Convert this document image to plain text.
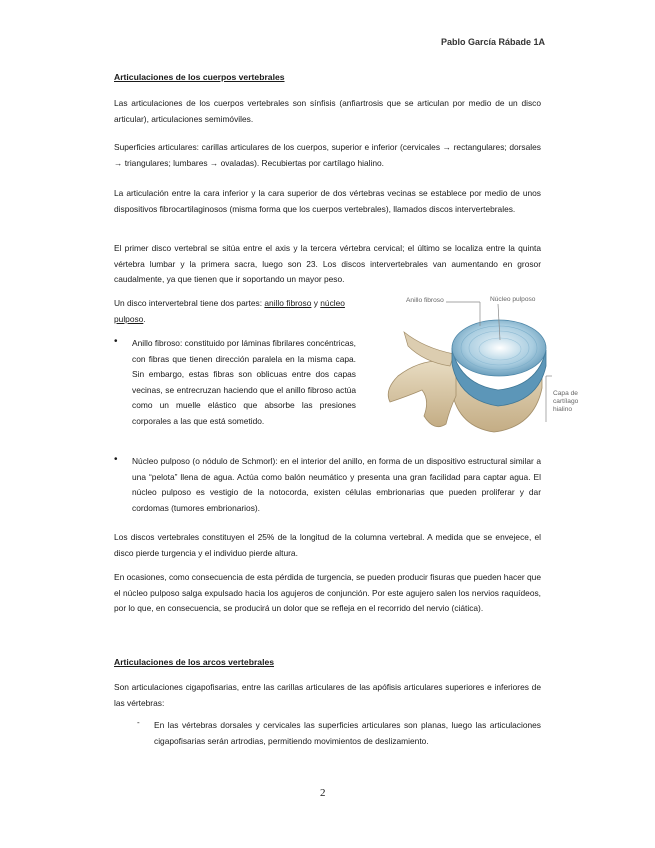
Pablo García Rábade 1A
Articulaciones de los cuerpos vertebrales
Las articulaciones de los cuerpos vertebrales son sínfisis (anfiartrosis que se articulan por medio de un disco articular), articulaciones semimóviles.
Superficies articulares: carillas articulares de los cuerpos, superior e inferior (cervicales → rectangulares; dorsales → triangulares; lumbares → ovaladas). Recubiertas por cartílago hialino.
La articulación entre la cara inferior y la cara superior de dos vértebras vecinas se establece por medio de unos dispositivos fibrocartilaginosos (misma forma que los cuerpos vertebrales), llamados discos intervertebrales.
El primer disco vertebral se sitúa entre el axis y la tercera vértebra cervical; el último se localiza entre la quinta vértebra lumbar y la primera sacra, luego son 23. Los discos intervertebrales van aumentando en grosor caudalmente, ya que tienen que ir soportando un mayor peso.
Un disco intervertebral tiene dos partes: anillo fibroso y núcleo pulposo.
• Anillo fibroso: constituido por láminas fibrilares concéntricas, con fibras que tienen dirección paralela en la misma capa. Sin embargo, estas fibras son oblicuas entre dos capas vecinas, se entrecruzan haciendo que el anillo fibroso actúa como un muelle elástico que absorbe las presiones corporales a las que está sometido.
Anillo fibroso	Núcleo pulposo
Capa de cartílago hialino
• Núcleo pulposo (o nódulo de Schmorl): en el interior del anillo, en forma de un dispositivo estructural similar a una “pelota” llena de agua. Actúa como balón neumático y presenta una gran facilidad para captar agua. El núcleo pulposo es vestigio de la notocorda, existen células embrionarias que pueden proliferar y dar cordomas (tumores embrionarios).
Los discos vertebrales constituyen el 25% de la longitud de la columna vertebral. A medida que se envejece, el disco pierde turgencia y el individuo pierde altura.
En ocasiones, como consecuencia de esta pérdida de turgencia, se pueden producir fisuras que pueden hacer que el núcleo pulposo salga expulsado hacia los agujeros de conjunción. Por este agujero salen los nervios raquídeos, por lo que, en consecuencia, se producirá un dolor que se refleja en el recorrido del nervio (ciática).
Articulaciones de los arcos vertebrales
Son articulaciones cigapofisarias, entre las carillas articulares de las apófisis articulares superiores e inferiores de las vértebras:
- En las vértebras dorsales y cervicales las superficies articulares son planas, luego las articulaciones cigapofisarias serán artrodias, permitiendo movimientos de deslizamiento.
2
